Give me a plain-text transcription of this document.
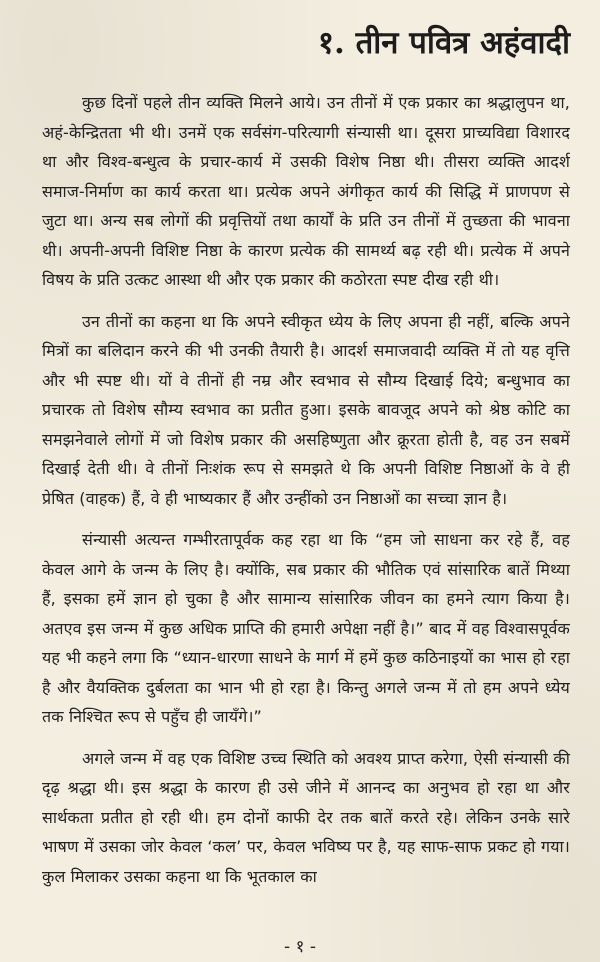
१. तीन पवित्र अहंवादी

कुछ दिनों पहले तीन व्यक्ति मिलने आये। उन तीनों में एक प्रकार का श्रद्धालुपन था, अहं-केन्द्रितता भी थी। उनमें एक सर्वसंग-परित्यागी संन्यासी था। दूसरा प्राच्यविद्या विशारद था और विश्व-बन्धुत्व के प्रचार-कार्य में उसकी विशेष निष्ठा थी। तीसरा व्यक्ति आदर्श समाज-निर्माण का कार्य करता था। प्रत्येक अपने अंगीकृत कार्य की सिद्धि में प्राणपण से जुटा था। अन्य सब लोगों की प्रवृत्तियों तथा कार्यों के प्रति उन तीनों में तुच्छता की भावना थी। अपनी-अपनी विशिष्ट निष्ठा के कारण प्रत्येक की सामर्थ्य बढ़ रही थी। प्रत्येक में अपने विषय के प्रति उत्कट आस्था थी और एक प्रकार की कठोरता स्पष्ट दीख रही थी।

उन तीनों का कहना था कि अपने स्वीकृत ध्येय के लिए अपना ही नहीं, बल्कि अपने मित्रों का बलिदान करने की भी उनकी तैयारी है। आदर्श समाजवादी व्यक्ति में तो यह वृत्ति और भी स्पष्ट थी। यों वे तीनों ही नम्र और स्वभाव से सौम्य दिखाई दिये; बन्धुभाव का प्रचारक तो विशेष सौम्य स्वभाव का प्रतीत हुआ। इसके बावजूद अपने को श्रेष्ठ कोटि का समझनेवाले लोगों में जो विशेष प्रकार की असहिष्णुता और क्रूरता होती है, वह उन सबमें दिखाई देती थी। वे तीनों निःशंक रूप से समझते थे कि अपनी विशिष्ट निष्ठाओं के वे ही प्रेषित (वाहक) हैं, वे ही भाष्यकार हैं और उन्हींको उन निष्ठाओं का सच्चा ज्ञान है।

संन्यासी अत्यन्त गम्भीरतापूर्वक कह रहा था कि “हम जो साधना कर रहे हैं, वह केवल आगे के जन्म के लिए है। क्योंकि, सब प्रकार की भौतिक एवं सांसारिक बातें मिथ्या हैं, इसका हमें ज्ञान हो चुका है और सामान्य सांसारिक जीवन का हमने त्याग किया है। अतएव इस जन्म में कुछ अधिक प्राप्ति की हमारी अपेक्षा नहीं है।” बाद में वह विश्वासपूर्वक यह भी कहने लगा कि “ध्यान-धारणा साधने के मार्ग में हमें कुछ कठिनाइयों का भास हो रहा है और वैयक्तिक दुर्बलता का भान भी हो रहा है। किन्तु अगले जन्म में तो हम अपने ध्येय तक निश्चित रूप से पहुँच ही जायँगे।”

अगले जन्म में वह एक विशिष्ट उच्च स्थिति को अवश्य प्राप्त करेगा, ऐसी संन्यासी की दृढ़ श्रद्धा थी। इस श्रद्धा के कारण ही उसे जीने में आनन्द का अनुभव हो रहा था और सार्थकता प्रतीत हो रही थी। हम दोनों काफी देर तक बातें करते रहे। लेकिन उनके सारे भाषण में उसका जोर केवल ‘कल’ पर, केवल भविष्य पर है, यह साफ-साफ प्रकट हो गया। कुल मिलाकर उसका कहना था कि भूतकाल का

- १ -
